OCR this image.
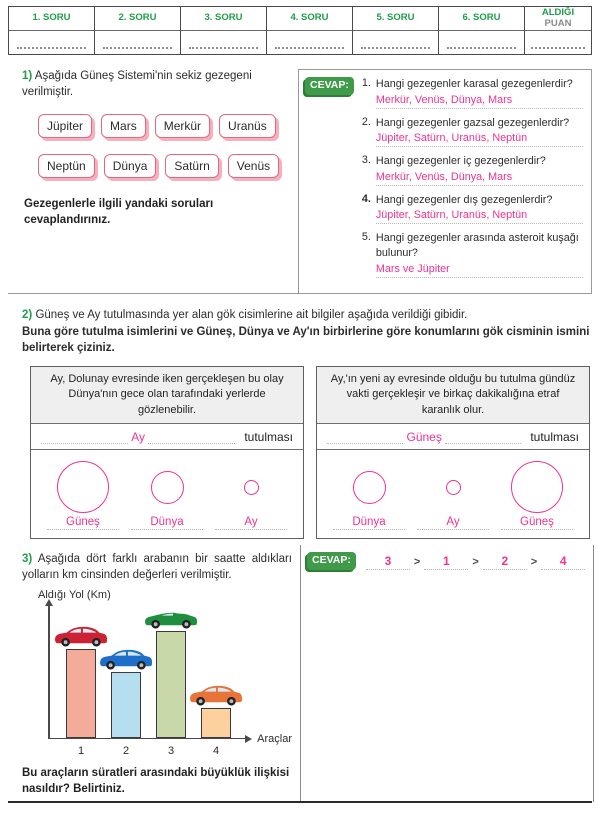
1. SORU	2. SORU	3. SORU	4. SORU	5. SORU	6. SORU	ALDIĞI
PUAN
1) Aşağıda Güneş Sistemi'nin sekiz gezegeni verilmiştir.
Jüpiter	Mars	Merkür	Uranüs
Neptün	Dünya	Satürn	Venüs
Gezegenlerle ilgili yandaki soruları cevaplandırınız.
CEVAP:	1. Hangi gezegenler karasal gezegenlerdir?
Merkür, Venüs, Dünya, Mars
2. Hangi gezegenler gazsal gezegenlerdir?
Jüpiter, Satürn, Uranüs, Neptün
3. Hangi gezegenler iç gezegenlerdir?
Merkür, Venüs, Dünya, Mars
4. Hangi gezegenler dış gezegenlerdir?
Jüpiter, Satürn, Uranüs, Neptün
5. Hangi gezegenler arasında asteroit kuşağı bulunur?
Mars ve Jüpiter
2) Güneş ve Ay tutulmasında yer alan gök cisimlerine ait bilgiler aşağıda verildiği gibidir.
Buna göre tutulma isimlerini ve Güneş, Dünya ve Ay'ın birbirlerine göre konumlarını gök cisminin ismini belirterek çiziniz.
Ay, Dolunay evresinde iken gerçekleşen bu olay Dünya'nın gece olan tarafındaki yerlerde gözlenebilir.
Ay	tutulması
Güneş	Dünya	Ay
Ay,'ın yeni ay evresinde olduğu bu tutulma gündüz vakti gerçekleşir ve birkaç dakikalığına etraf karanlık olur.
Güneş	tutulması
Dünya	Ay	Güneş
3) Aşağıda dört farklı arabanın bir saatte aldıkları yolların km cinsinden değerleri verilmiştir.
Aldığı Yol (Km)
Araçlar
1	2	3	4
Bu araçların süratleri arasındaki büyüklük ilişkisi nasıldır? Belirtiniz.
CEVAP:	3	>	1	>	2	>	4
